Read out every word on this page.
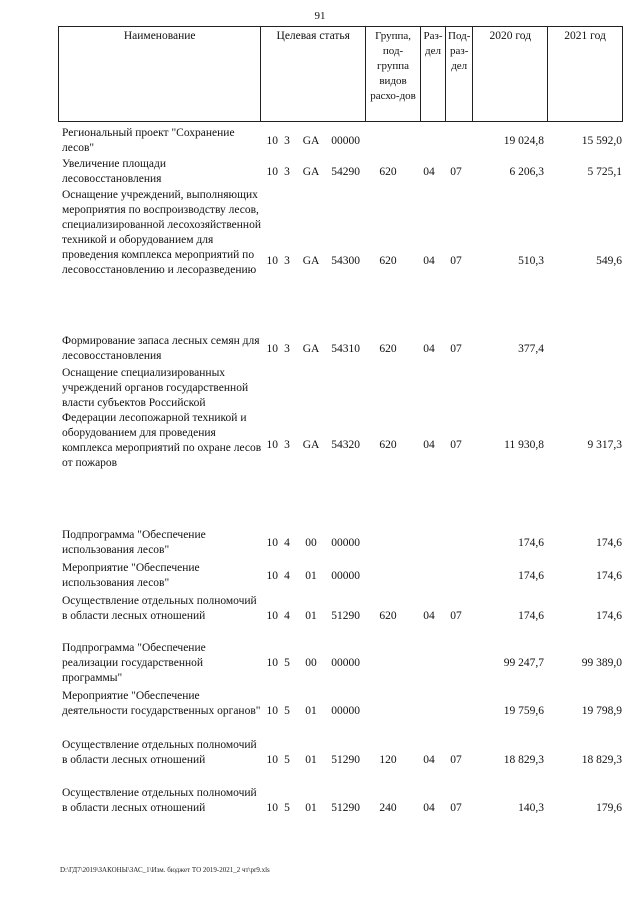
91
Наименование	Целевая статья	Группа, под-группа видов расхо-дов	Раз-дел	Под-раз-дел	2020 год	2021 год
Региональный проект "Сохранение лесов"
10 3 GA	00000	19 024,8	15 592,0
Увеличение площади лесовосстановления
10 3 GA	54290	620	04	07	6 206,3	5 725,1
Оснащение учреждений, выполняющих мероприятия по воспроизводству лесов, специализированной лесохозяйственной техникой и оборудованием для проведения комплекса мероприятий по лесовосстановлению и лесоразведению
10 3 GA	54300	620	04	07	510,3	549,6
Формирование запаса лесных семян для лесовосстановления
10 3 GA	54310	620	04	07	377,4
Оснащение специализированных учреждений органов государственной власти субъектов Российской Федерации лесопожарной техникой и оборудованием для проведения комплекса мероприятий по охране лесов от пожаров
10 3 GA	54320	620	04	07	11 930,8	9 317,3
Подпрограмма "Обеспечение использования лесов"
10 4	00	00000	174,6	174,6
Мероприятие "Обеспечение использования лесов"
10 4	01	00000	174,6	174,6
Осуществление отдельных полномочий в области лесных отношений	10 4	01	51290	620	04	07	174,6	174,6
Подпрограмма "Обеспечение реализации государственной программы"
10 5	00	00000	99 247,7	99 389,0
Мероприятие "Обеспечение деятельности государственных органов" 10 5	01	00000	19 759,6	19 798,9
Осуществление отдельных полномочий в области лесных отношений	10 5	01	51290	120	04	07	18 829,3	18 829,3
Осуществление отдельных полномочий в области лесных отношений	10 5	01	51290	240	04	07	140,3	179,6
D:\ГД7\2019\ЗАКОНЫ\ЗАС_1\Изм. бюджет ТО 2019-2021_2 чт\pr9.xls
